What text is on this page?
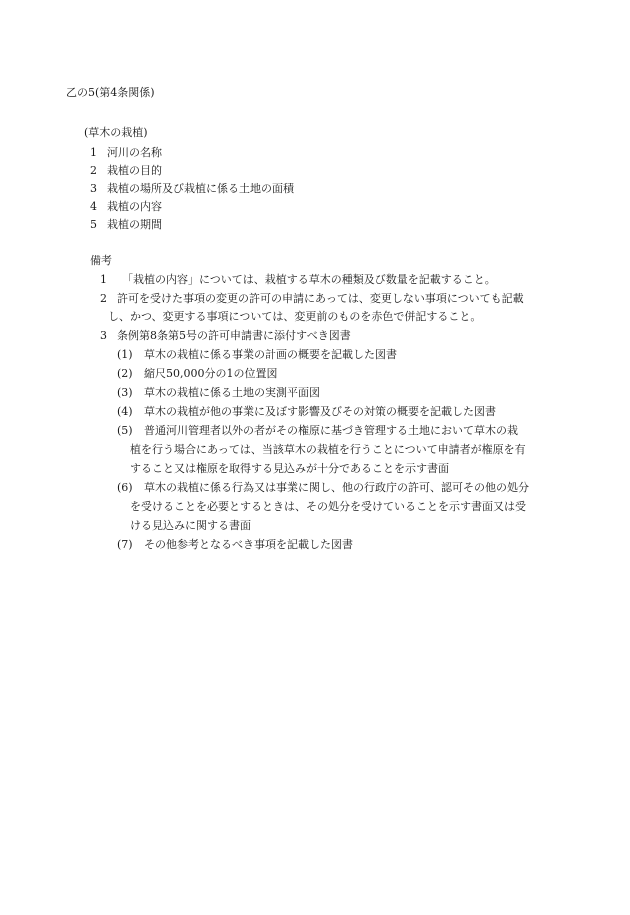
乙の5(第4条関係)
(草木の栽植)
1 河川の名称
2 栽植の目的
3 栽植の場所及び栽植に係る土地の面積
4 栽植の内容
5 栽植の期間
備考
1 「栽植の内容」については、栽植する草木の種類及び数量を記載すること。
2 許可を受けた事項の変更の許可の申請にあっては、変更しない事項についても記載
し、かつ、変更する事項については、変更前のものを赤色で併記すること。
3 条例第8条第5号の許可申請書に添付すべき図書
(1) 草木の栽植に係る事業の計画の概要を記載した図書
(2) 縮尺50,000分の1の位置図
(3) 草木の栽植に係る土地の実測平面図
(4) 草木の栽植が他の事業に及ぼす影響及びその対策の概要を記載した図書
(5) 普通河川管理者以外の者がその権原に基づき管理する土地において草木の栽
植を行う場合にあっては、当該草木の栽植を行うことについて申請者が権原を有
すること又は権原を取得する見込みが十分であることを示す書面
(6) 草木の栽植に係る行為又は事業に関し、他の行政庁の許可、認可その他の処分
を受けることを必要とするときは、その処分を受けていることを示す書面又は受
ける見込みに関する書面
(7) その他参考となるべき事項を記載した図書
